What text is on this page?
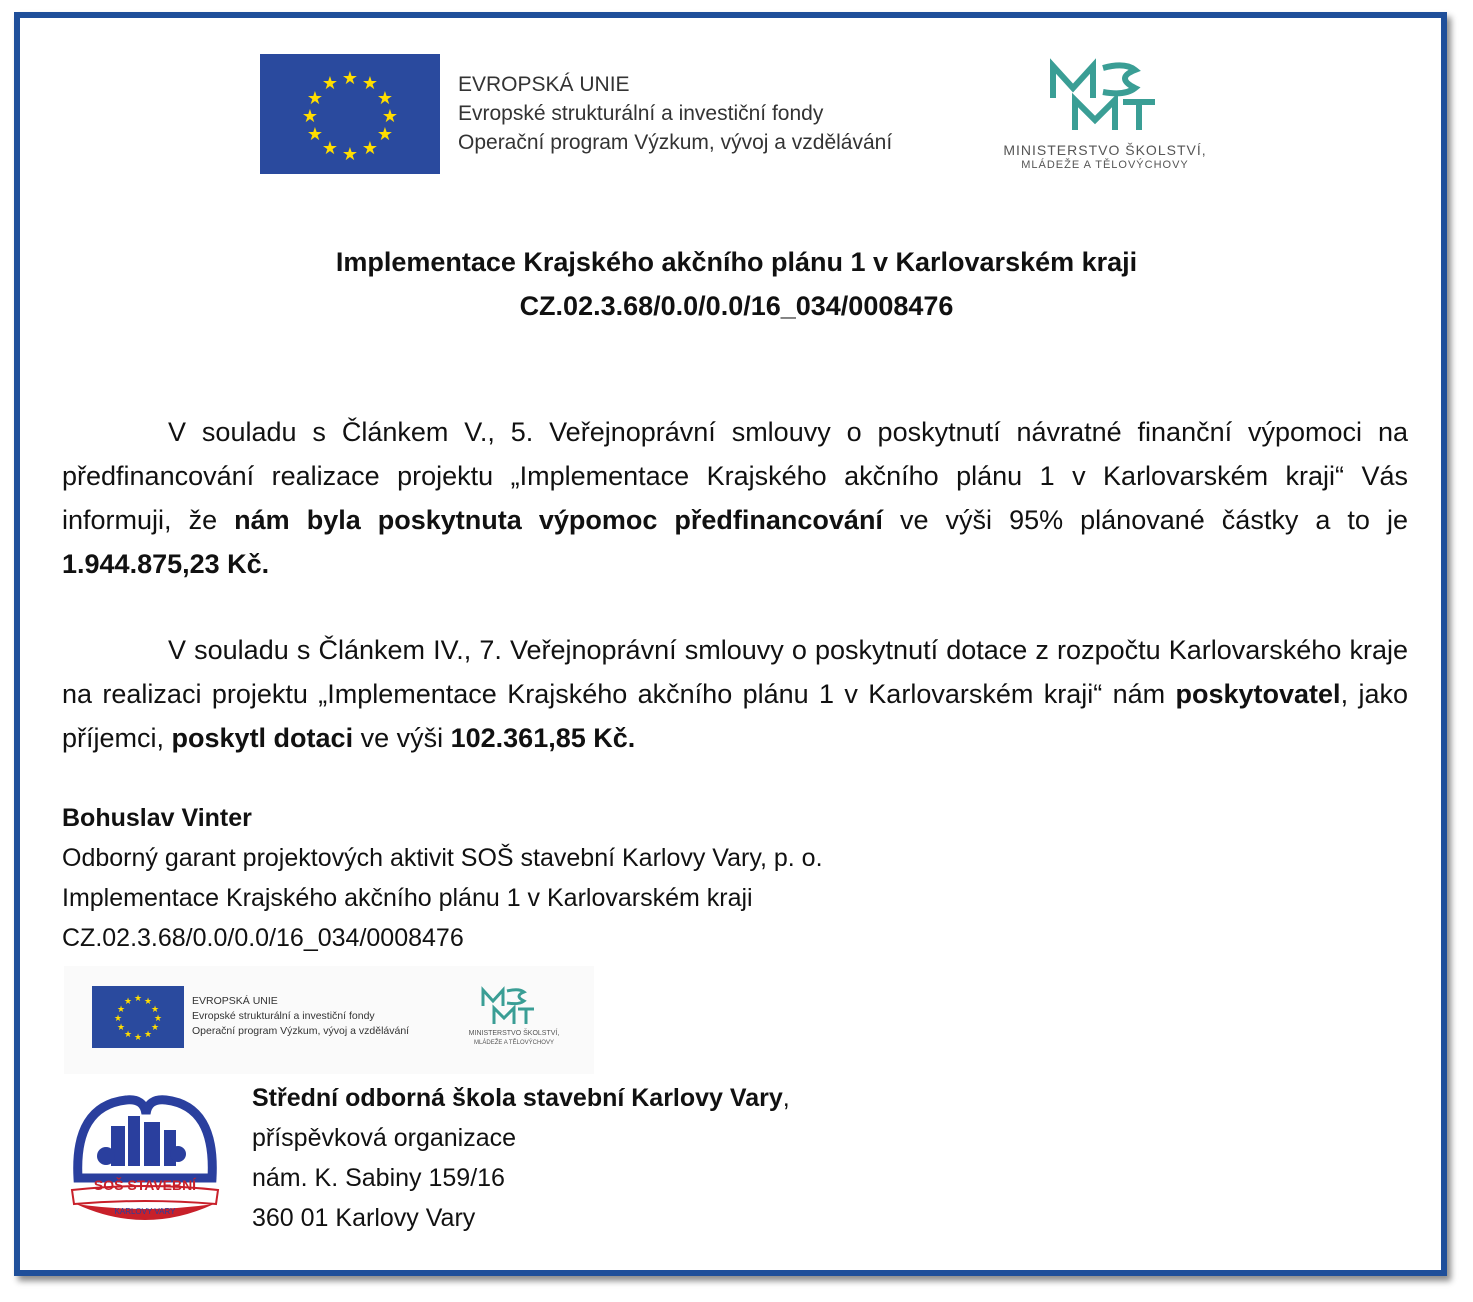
★ ★
★
★
★
★
★
★
★
★
★
★	EVROPSKÁ UNIE
Evropské strukturální a investiční fondy
Operační program Výzkum, vývoj a vzdělávání	MINISTERSTVO ŠKOLSTVÍ,
MLÁDEŽE A TĚLOVÝCHOVY
Implementace Krajského akčního plánu 1 v Karlovarském kraji
CZ.02.3.68/0.0/0.0/16_034/0008476
V souladu s Článkem V., 5. Veřejnoprávní smlouvy o poskytnutí návratné finanční výpomoci na předfinancování realizace projektu „Implementace Krajského akčního plánu 1 v Karlovarském kraji“ Vás informuji, že nám byla poskytnuta výpomoc předfinancování ve výši 95% plánované částky a to je 1.944.875,23 Kč.
V souladu s Článkem IV., 7. Veřejnoprávní smlouvy o poskytnutí dotace z rozpočtu Karlovarského kraje na realizaci projektu „Implementace Krajského akčního plánu 1 v Karlovarském kraji“ nám poskytovatel, jako příjemci, poskytl dotaci ve výši 102.361,85 Kč.
Bohuslav Vinter
Odborný garant projektových aktivit SOŠ stavební Karlovy Vary, p. o.
Implementace Krajského akčního plánu 1 v Karlovarském kraji
CZ.02.3.68/0.0/0.0/16_034/0008476
★ ★
★
★
★
★
★
★
★
★
★
★	EVROPSKÁ UNIE
Evropské strukturální a investiční fondy
Operační program Výzkum, vývoj a vzdělávání	MINISTERSTVO ŠKOLSTVÍ,
MLÁDEŽE A TĚLOVÝCHOVY
SOŠ STAVEBNÍ
KARLOVY VARY
Střední odborná škola stavební Karlovy Vary,
příspěvková organizace
nám. K. Sabiny 159/16
360 01 Karlovy Vary
